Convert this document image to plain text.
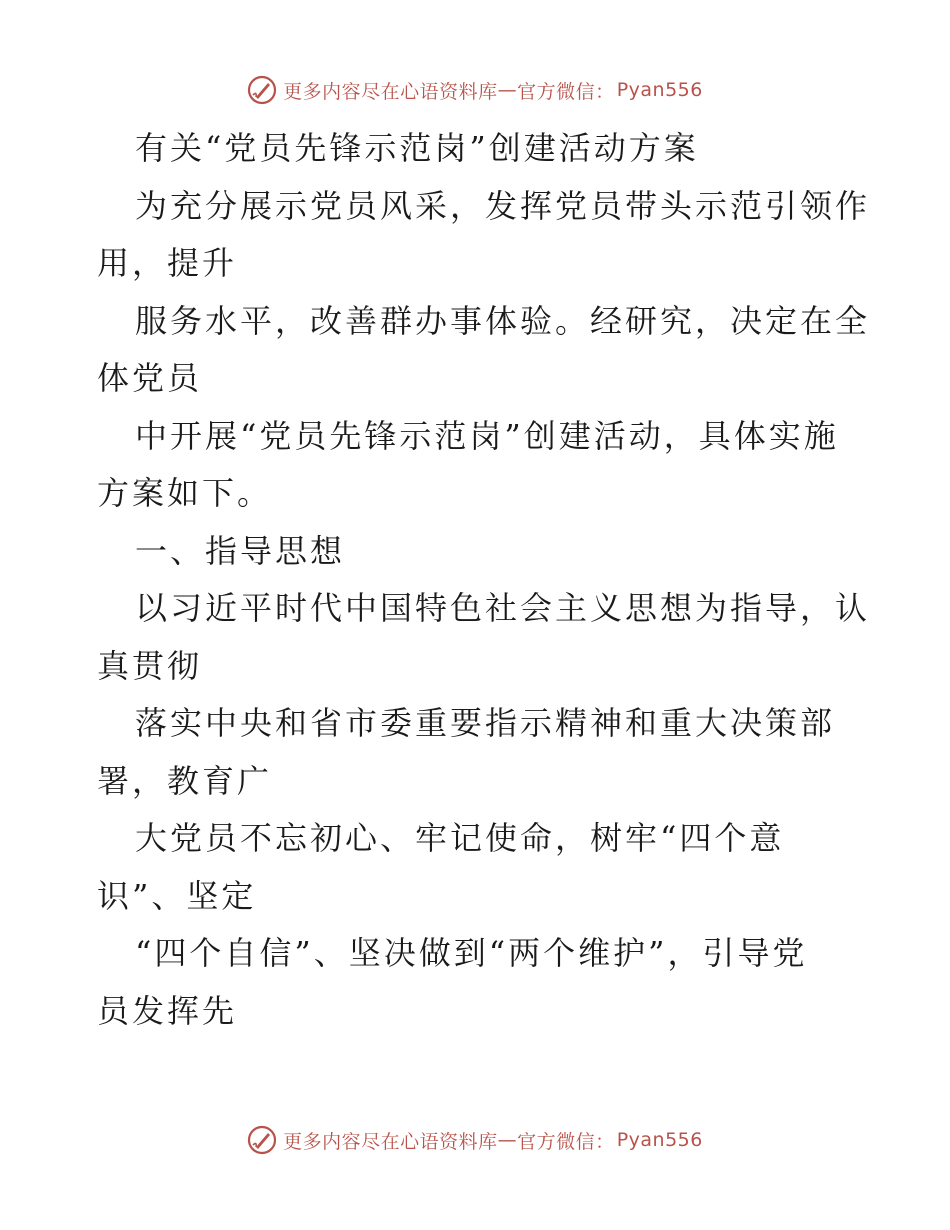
更多内容尽在心语资料库 — 官方微信： Pyan556
有关“党员先锋示范岗”创建活动方案
为充分展示党员风采，发挥党员带头示范引领作
用，提升
服务水平，改善群办事体验。经研究，决定在全
体党员
中开展“党员先锋示范岗”创建活动，具体实施
方案如下。
一、指导思想
以习近平时代中国特色社会主义思想为指导，认
真贯彻
落实中央和省市委重要指示精神和重大决策部
署，教育广
大党员不忘初心、牢记使命，树牢“四个意
识”、坚定
“四个自信”、坚决做到“两个维护”，引导党
员发挥先
更多内容尽在心语资料库 — 官方微信： Pyan556
